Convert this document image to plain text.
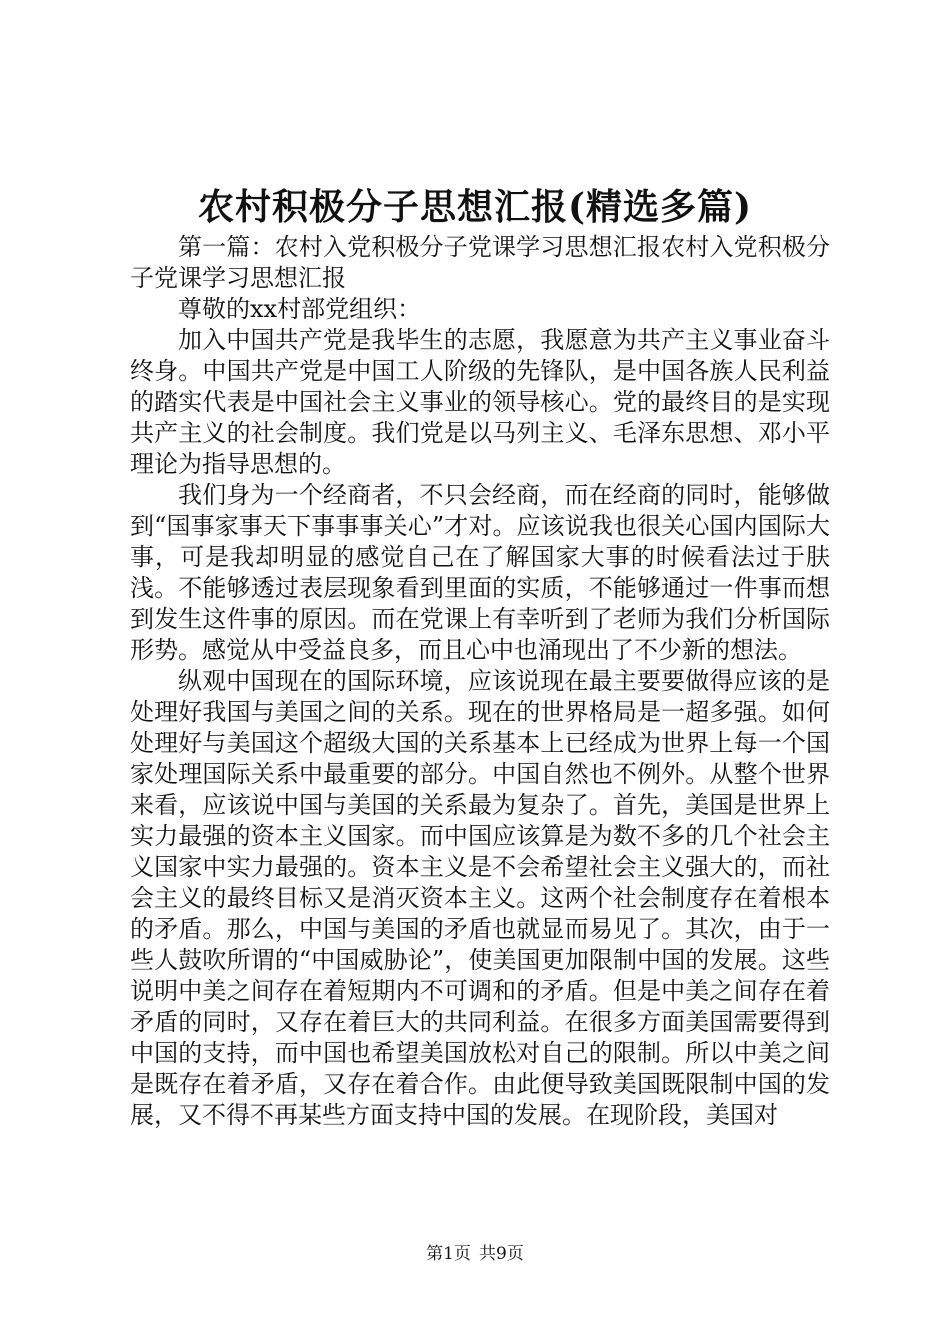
农村积极分子思想汇报(精选多篇)

第一篇：农村入党积极分子党课学习思想汇报农村入党积极分子党课学习思想汇报

尊敬的xx村部党组织：

加入中国共产党是我毕生的志愿，我愿意为共产主义事业奋斗终身。中国共产党是中国工人阶级的先锋队，是中国各族人民利益的踏实代表是中国社会主义事业的领导核心。党的最终目的是实现共产主义的社会制度。我们党是以马列主义、毛泽东思想、邓小平理论为指导思想的。

我们身为一个经商者，不只会经商，而在经商的同时，能够做到“国事家事天下事事事关心”才对。应该说我也很关心国内国际大事，可是我却明显的感觉自己在了解国家大事的时候看法过于肤浅。不能够透过表层现象看到里面的实质，不能够通过一件事而想到发生这件事的原因。而在党课上有幸听到了老师为我们分析国际形势。感觉从中受益良多，而且心中也涌现出了不少新的想法。

纵观中国现在的国际环境，应该说现在最主要要做得应该的是处理好我国与美国之间的关系。现在的世界格局是一超多强。如何处理好与美国这个超级大国的关系基本上已经成为世界上每一个国家处理国际关系中最重要的部分。中国自然也不例外。从整个世界来看，应该说中国与美国的关系最为复杂了。首先，美国是世界上实力最强的资本主义国家。而中国应该算是为数不多的几个社会主义国家中实力最强的。资本主义是不会希望社会主义强大的，而社会主义的最终目标又是消灭资本主义。这两个社会制度存在着根本的矛盾。那么，中国与美国的矛盾也就显而易见了。其次，由于一些人鼓吹所谓的“中国威胁论”，使美国更加限制中国的发展。这些说明中美之间存在着短期内不可调和的矛盾。但是中美之间存在着矛盾的同时，又存在着巨大的共同利益。在很多方面美国需要得到中国的支持，而中国也希望美国放松对自己的限制。所以中美之间是既存在着矛盾，又存在着合作。由此便导致美国既限制中国的发展，又不得不再某些方面支持中国的发展。在现阶段，美国对

第1页 共9页
